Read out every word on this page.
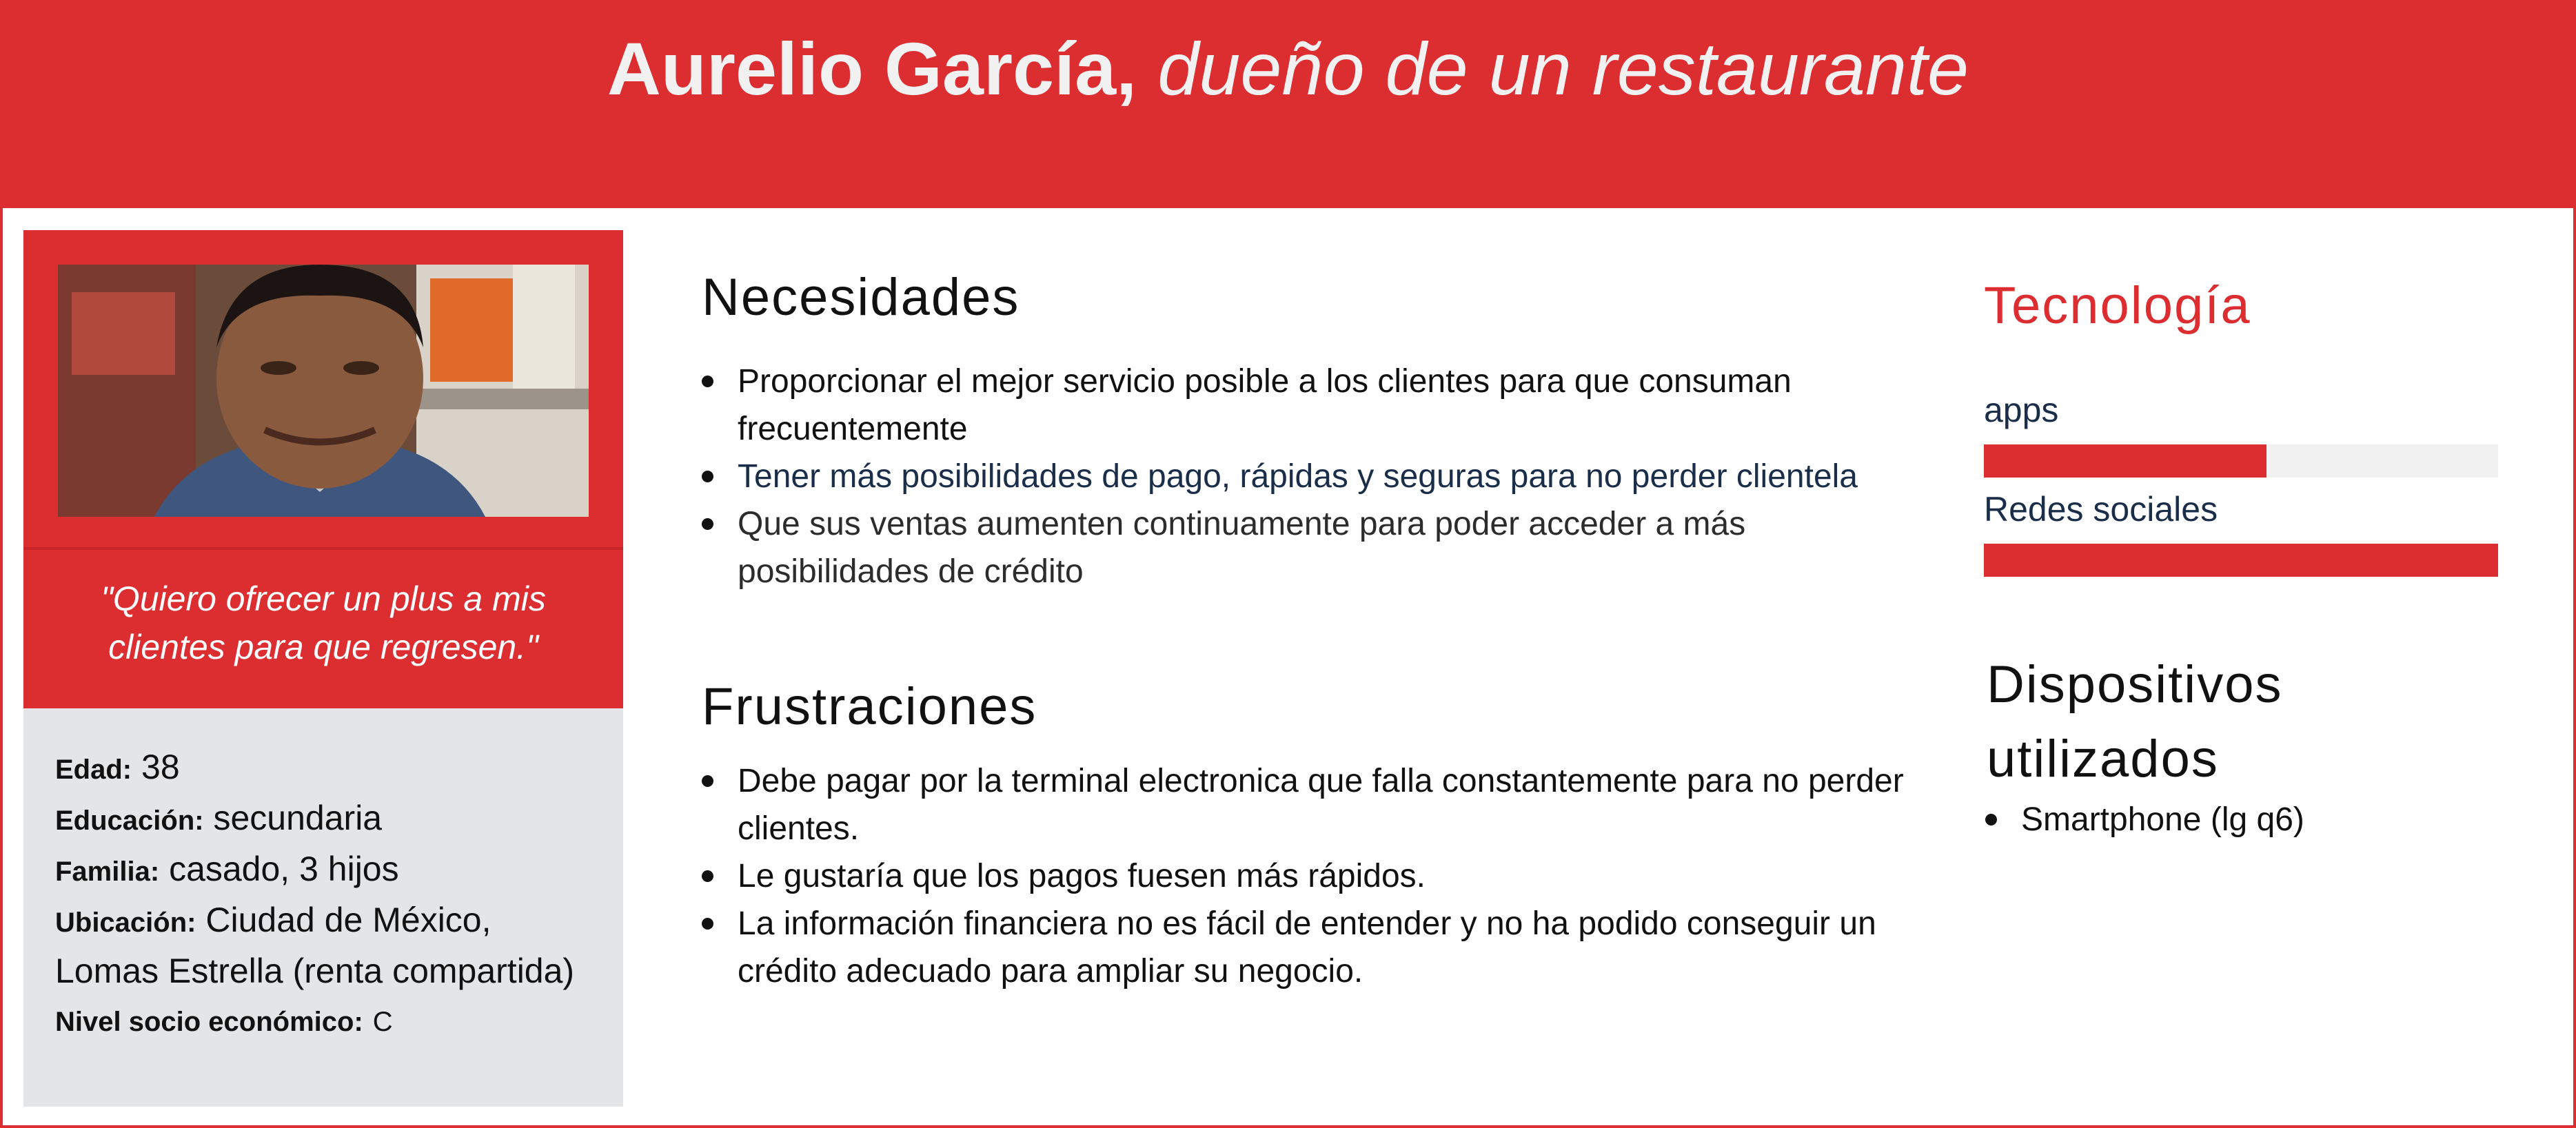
Aurelio García, dueño de un restaurante
"Quiero ofrecer un plus a mis clientes para que regresen."
Edad: 38
Educación: secundaria
Familia: casado, 3 hijos
Ubicación: Ciudad de México, Lomas Estrella (renta compartida)
Nivel socio económico: C
Necesidades
Proporcionar el mejor servicio posible a los clientes para que consuman frecuentemente
Tener más posibilidades de pago, rápidas y seguras para no perder clientela
Que sus ventas aumenten continuamente para poder acceder a más posibilidades de crédito
Frustraciones
Debe pagar por la terminal electronica que falla constantemente para no perder clientes.
Le gustaría que los pagos fuesen más rápidos.
La información financiera no es fácil de entender y no ha podido conseguir un crédito adecuado para ampliar su negocio.
Tecnología
apps
Redes sociales
Dispositivos utilizados
Smartphone (lg q6)
